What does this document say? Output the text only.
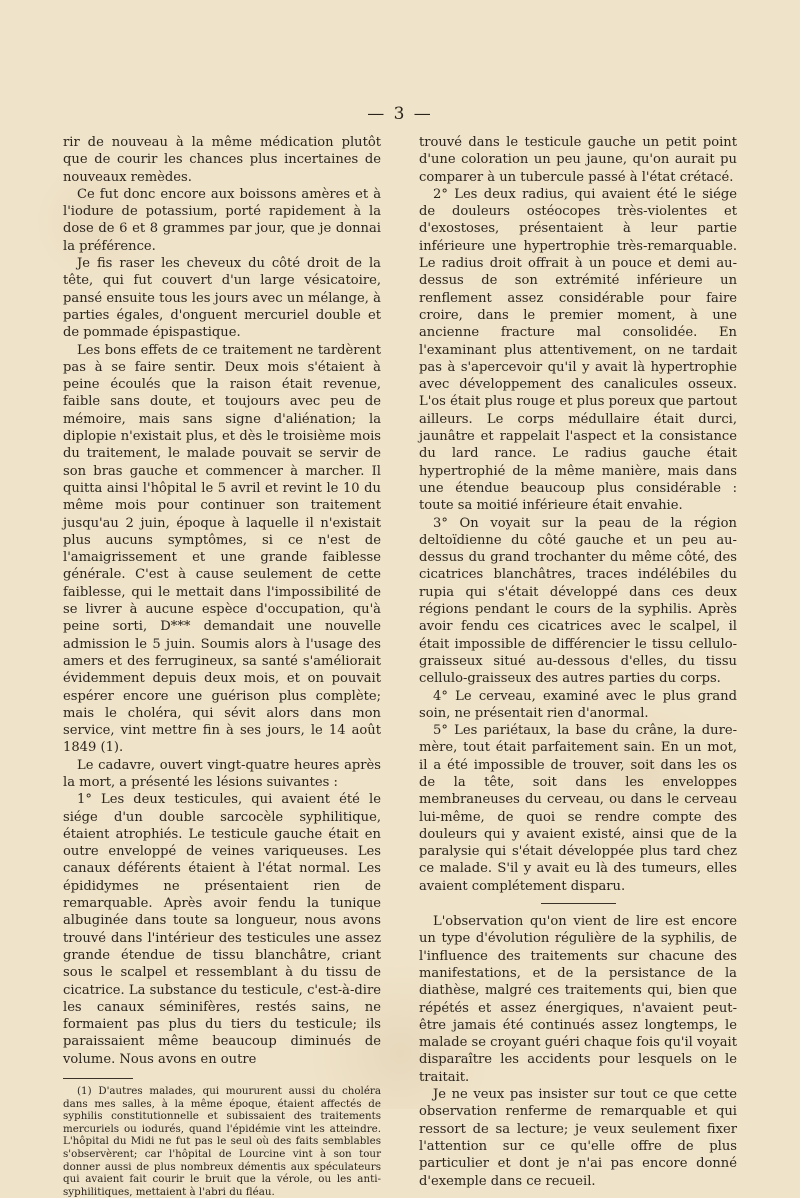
— 3 —

rir de nouveau à la même médication plutôt que de courir les chances plus incertaines de nouveaux remèdes.

Ce fut donc encore aux boissons amères et à l'iodure de potassium, porté rapidement à la dose de 6 et 8 grammes par jour, que je donnai la préférence.

Je fis raser les cheveux du côté droit de la tête, qui fut couvert d'un large vésicatoire, pansé ensuite tous les jours avec un mélange, à parties égales, d'onguent mercuriel double et de pommade épispastique.

Les bons effets de ce traitement ne tardèrent pas à se faire sentir. Deux mois s'étaient à peine écoulés que la raison était revenue, faible sans doute, et toujours avec peu de mémoire, mais sans signe d'aliénation; la diplopie n'existait plus, et dès le troisième mois du traitement, le malade pouvait se servir de son bras gauche et commencer à marcher. Il quitta ainsi l'hôpital le 5 avril et revint le 10 du même mois pour continuer son traitement jusqu'au 2 juin, époque à laquelle il n'existait plus aucuns symptômes, si ce n'est de l'amaigrissement et une grande faiblesse générale. C'est à cause seulement de cette faiblesse, qui le mettait dans l'impossibilité de se livrer à aucune espèce d'occupation, qu'à peine sorti, D*** demandait une nouvelle admission le 5 juin. Soumis alors à l'usage des amers et des ferrugineux, sa santé s'améliorait évidemment depuis deux mois, et on pouvait espérer encore une guérison plus complète; mais le choléra, qui sévit alors dans mon service, vint mettre fin à ses jours, le 14 août 1849 (1).

Le cadavre, ouvert vingt-quatre heures après la mort, a présenté les lésions suivantes :

1° Les deux testicules, qui avaient été le siége d'un double sarcocèle syphilitique, étaient atrophiés. Le testicule gauche était en outre enveloppé de veines variqueuses. Les canaux déférents étaient à l'état normal. Les épididymes ne présentaient rien de remarquable. Après avoir fendu la tunique albuginée dans toute sa longueur, nous avons trouvé dans l'intérieur des testicules une assez grande étendue de tissu blanchâtre, criant sous le scalpel et ressemblant à du tissu de cicatrice. La substance du testicule, c'est-à-dire les canaux séminifères, restés sains, ne formaient pas plus du tiers du testicule; ils paraissaient même beaucoup diminués de volume. Nous avons en outre

(1) D'autres malades, qui moururent aussi du choléra dans mes salles, à la même époque, étaient affectés de syphilis constitutionnelle et subissaient des traitements mercuriels ou iodurés, quand l'épidémie vint les atteindre. L'hôpital du Midi ne fut pas le seul où des faits semblables s'observèrent; car l'hôpital de Lourcine vint à son tour donner aussi de plus nombreux démentis aux spéculateurs qui avaient fait courir le bruit que la vérole, ou les anti-syphilitiques, mettaient à l'abri du fléau.

trouvé dans le testicule gauche un petit point d'une coloration un peu jaune, qu'on aurait pu comparer à un tubercule passé à l'état crétacé.

2° Les deux radius, qui avaient été le siége de douleurs ostéocopes très-violentes et d'exostoses, présentaient à leur partie inférieure une hypertrophie très-remarquable. Le radius droit offrait à un pouce et demi au-dessus de son extrémité inférieure un renflement assez considérable pour faire croire, dans le premier moment, à une ancienne fracture mal consolidée. En l'examinant plus attentivement, on ne tardait pas à s'apercevoir qu'il y avait là hypertrophie avec développement des canalicules osseux. L'os était plus rouge et plus poreux que partout ailleurs. Le corps médullaire était durci, jaunâtre et rappelait l'aspect et la consistance du lard rance. Le radius gauche était hypertrophié de la même manière, mais dans une étendue beaucoup plus considérable : toute sa moitié inférieure était envahie.

3° On voyait sur la peau de la région deltoïdienne du côté gauche et un peu au-dessus du grand trochanter du même côté, des cicatrices blanchâtres, traces indélébiles du rupia qui s'était développé dans ces deux régions pendant le cours de la syphilis. Après avoir fendu ces cicatrices avec le scalpel, il était impossible de différencier le tissu cellulo-graisseux situé au-dessous d'elles, du tissu cellulo-graisseux des autres parties du corps.

4° Le cerveau, examiné avec le plus grand soin, ne présentait rien d'anormal.

5° Les pariétaux, la base du crâne, la dure-mère, tout était parfaitement sain. En un mot, il a été impossible de trouver, soit dans les os de la tête, soit dans les enveloppes membraneuses du cerveau, ou dans le cerveau lui-même, de quoi se rendre compte des douleurs qui y avaient existé, ainsi que de la paralysie qui s'était développée plus tard chez ce malade. S'il y avait eu là des tumeurs, elles avaient complétement disparu.

L'observation qu'on vient de lire est encore un type d'évolution régulière de la syphilis, de l'influence des traitements sur chacune des manifestations, et de la persistance de la diathèse, malgré ces traitements qui, bien que répétés et assez énergiques, n'avaient peut-être jamais été continués assez longtemps, le malade se croyant guéri chaque fois qu'il voyait disparaître les accidents pour lesquels on le traitait.

Je ne veux pas insister sur tout ce que cette observation renferme de remarquable et qui ressort de sa lecture; je veux seulement fixer l'attention sur ce qu'elle offre de plus particulier et dont je n'ai pas encore donné d'exemple dans ce recueil.
